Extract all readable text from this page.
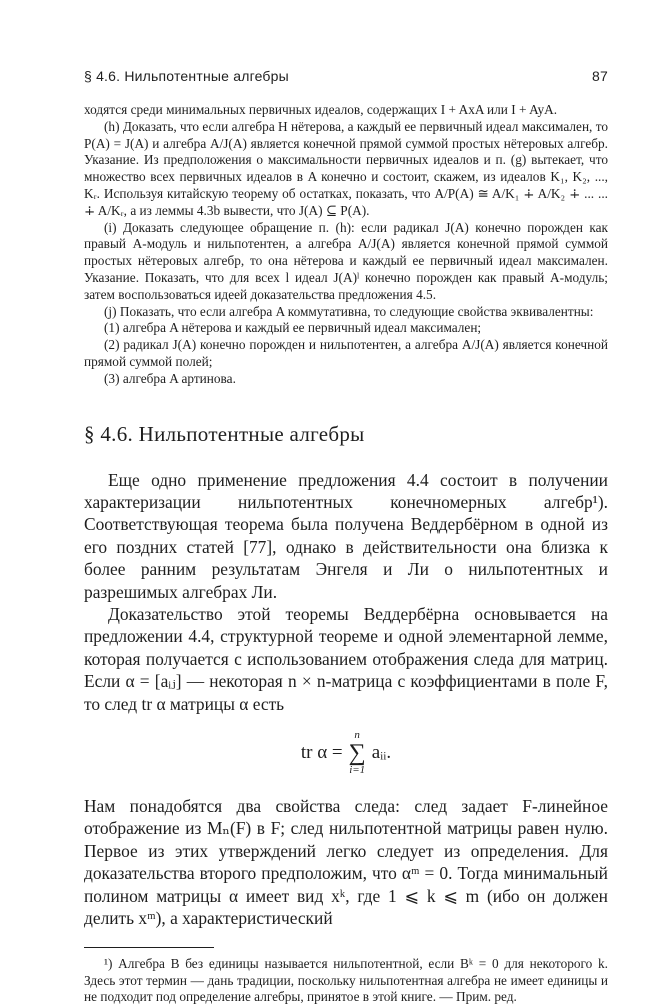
§ 4.6. Нильпотентные алгебры	87

ходятся среди минимальных первичных идеалов, содержащих I + AxA или I + AyA.

(h) Доказать, что если алгебра H нётерова, а каждый ее первичный идеал максимален, то P(A) = J(A) и алгебра A/J(A) является конечной прямой суммой простых нётеровых алгебр. Указание. Из предположения о максимальности первичных идеалов и п. (g) вытекает, что множество всех первичных идеалов в A конечно и состоит, скажем, из идеалов K₁, K₂, ..., Kᵣ. Используя китайскую теорему об остатках, показать, что A/P(A) ≅ A/K₁ ∔ A/K₂ ∔ ... ... ∔ A/Kᵣ, а из леммы 4.3b вывести, что J(A) ⊆ P(A).

(i) Доказать следующее обращение п. (h): если радикал J(A) конечно порожден как правый A-модуль и нильпотентен, а алгебра A/J(A) является конечной прямой суммой простых нётеровых алгебр, то она нётерова и каждый ее первичный идеал максимален. Указание. Показать, что для всех l идеал J(A)ˡ конечно порожден как правый A-модуль; затем воспользоваться идеей доказательства предложения 4.5.

(j) Показать, что если алгебра A коммутативна, то следующие свойства эквивалентны:

(1) алгебра A нётерова и каждый ее первичный идеал максимален;

(2) радикал J(A) конечно порожден и нильпотентен, а алгебра A/J(A) является конечной прямой суммой полей;

(3) алгебра A артинова.

§ 4.6. Нильпотентные алгебры

Еще одно применение предложения 4.4 состоит в получении характеризации нильпотентных конечномерных алгебр¹). Соответствующая теорема была получена Веддербёрном в одной из его поздних статей [77], однако в действительности она близка к более ранним результатам Энгеля и Ли о нильпотентных и разрешимых алгебрах Ли.

Доказательство этой теоремы Веддербёрна основывается на предложении 4.4, структурной теореме и одной элементарной лемме, которая получается с использованием отображения следа для матриц. Если α = [aᵢⱼ] — некоторая n × n-матрица с коэффициентами в поле F, то след tr α матрицы α есть

tr α =
n
∑
i=1
aᵢᵢ.

Нам понадобятся два свойства следа: след задает F-линейное отображение из Mₙ(F) в F; след нильпотентной матрицы равен нулю. Первое из этих утверждений легко следует из определения. Для доказательства второго предположим, что αᵐ = 0. Тогда минимальный полином матрицы α имеет вид xᵏ, где 1 ⩽ k ⩽ m (ибо он должен делить xᵐ), а характеристический

¹) Алгебра B без единицы называется нильпотентной, если Bᵏ = 0 для некоторого k. Здесь этот термин — дань традиции, поскольку нильпотентная алгебра не имеет единицы и не подходит под определение алгебры, принятое в этой книге. — Прим. ред.
